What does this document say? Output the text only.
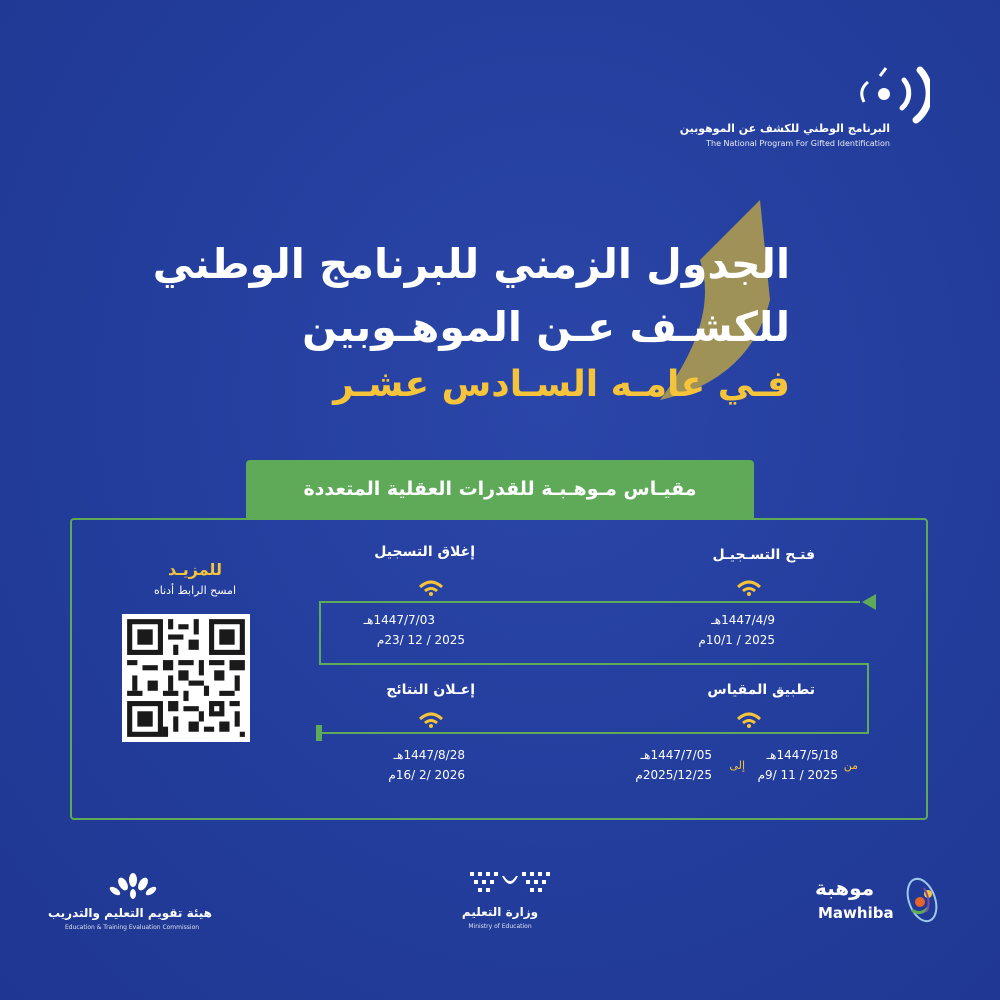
البرنامج الوطني للكشف عن الموهوبين
The National Program For Gifted Identification
الجدول الزمني للبرنامج الوطني
للكشـف عـن الموهـوبين
فـي عامـه السـادس عشـر
مقيـاس مـوهـبـة للقدرات العقلية المتعددة
للمزيـد
امسح الرابط أدناه
فتـح التسـجيـل
1447/4/9هـ
2025 / 10/1م
إغلاق التسجيل
1447/7/03هـ
2025 / 12 /23م
تطبيق المقياس
من
1447/5/18هـ
2025 / 11 /9م
إلى
1447/7/05هـ
2025/12/25م
إعـلان النتائج
1447/8/28هـ
2026 /2 /16م
هيئة تقويم التعليم والتدريب
Education & Training Evaluation Commission
وزارة التعليم
Ministry of Education
موهبة
Mawhiba
